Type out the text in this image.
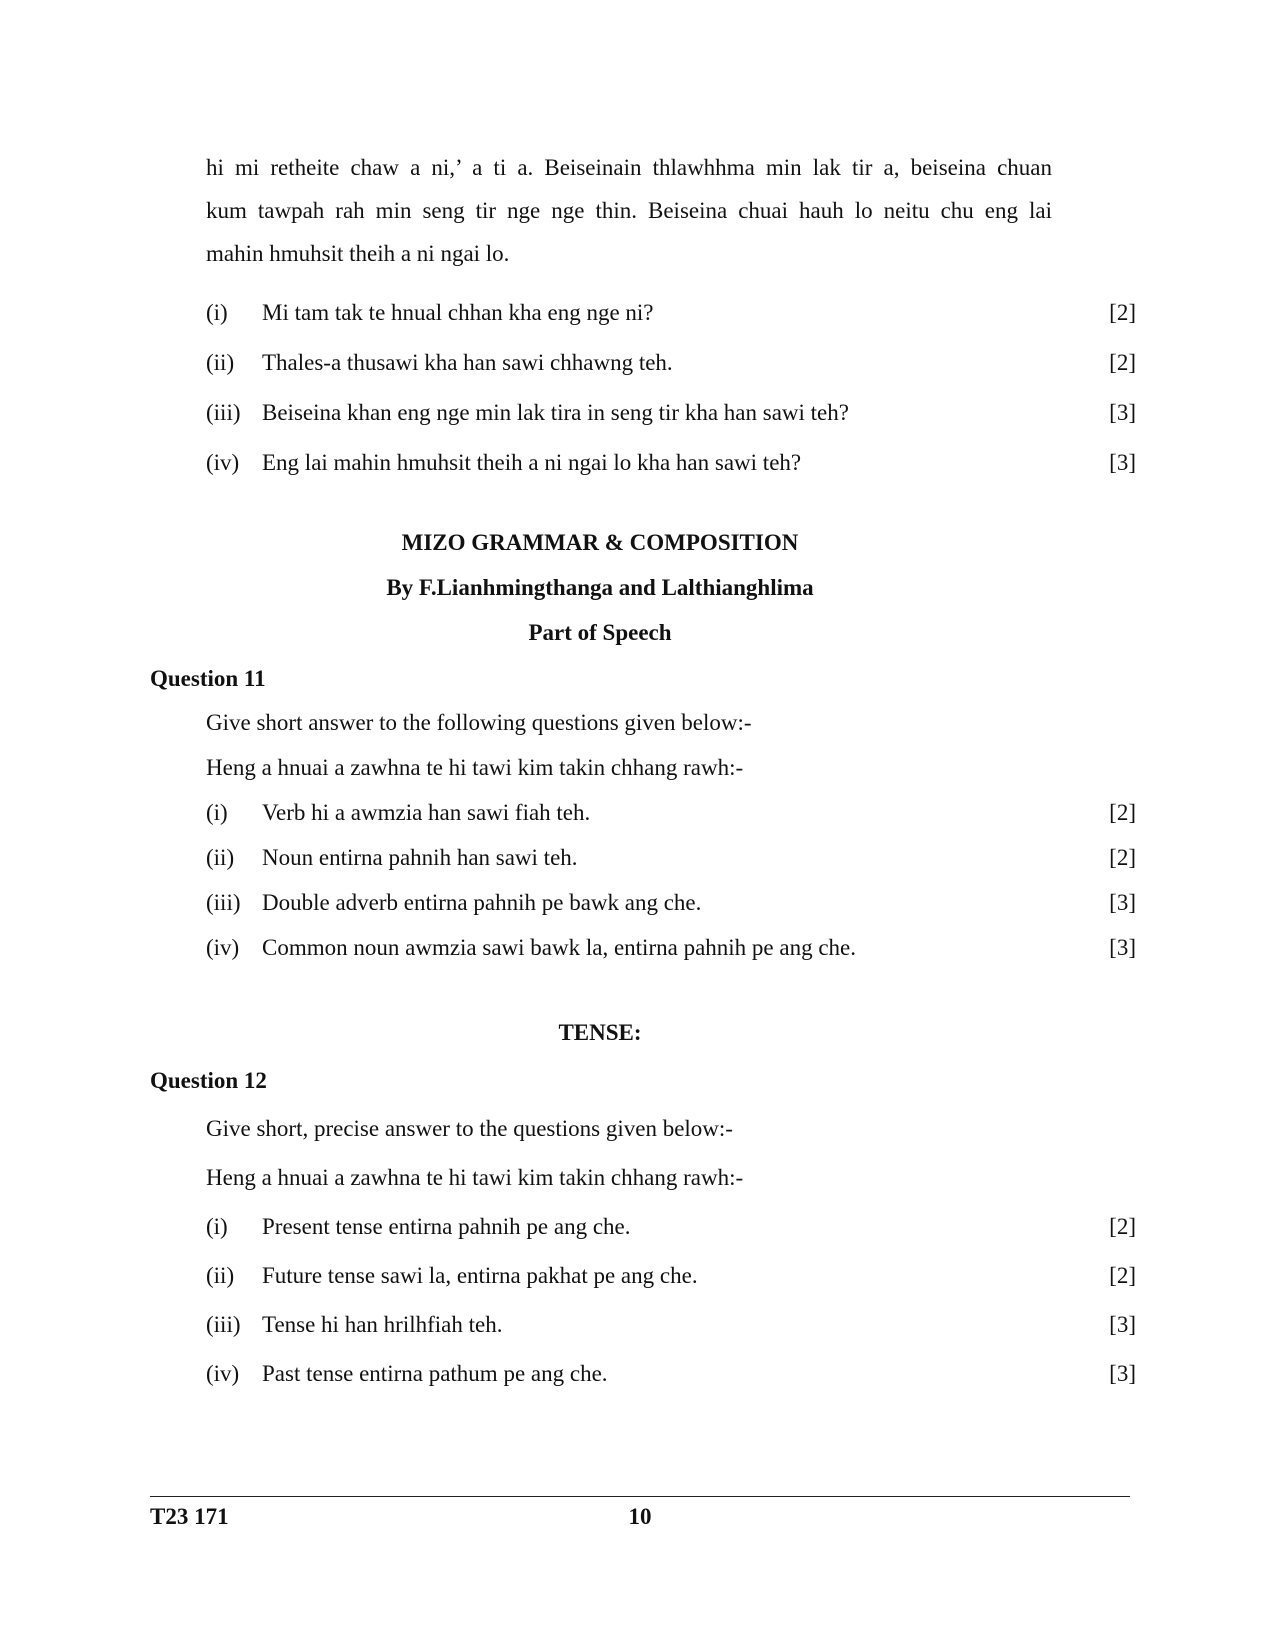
hi mi retheite chaw a ni,’ a ti a. Beiseinain thlawhhma min lak tir a, beiseina chuan
kum tawpah rah min seng tir nge nge thin. Beiseina chuai hauh lo neitu chu eng lai
mahin hmuhsit theih a ni ngai lo.

(i) Mi tam tak te hnual chhan kha eng nge ni?	[2]
(ii) Thales-a thusawi kha han sawi chhawng teh.	[2]
(iii) Beiseina khan eng nge min lak tira in seng tir kha han sawi teh?	[3]
(iv) Eng lai mahin hmuhsit theih a ni ngai lo kha han sawi teh?	[3]
MIZO GRAMMAR & COMPOSITION
By F.Lianhmingthanga and Lalthianghlima
Part of Speech
Question 11
Give short answer to the following questions given below:-
Heng a hnuai a zawhna te hi tawi kim takin chhang rawh:-
(i) Verb hi a awmzia han sawi fiah teh.	[2]
(ii) Noun entirna pahnih han sawi teh.	[2]
(iii) Double adverb entirna pahnih pe bawk ang che.	[3]
(iv) Common noun awmzia sawi bawk la, entirna pahnih pe ang che.	[3]
TENSE:
Question 12
Give short, precise answer to the questions given below:-
Heng a hnuai a zawhna te hi tawi kim takin chhang rawh:-
(i) Present tense entirna pahnih pe ang che.	[2]
(ii) Future tense sawi la, entirna pakhat pe ang che.	[2]
(iii) Tense hi han hrilhfiah teh.	[3]
(iv) Past tense entirna pathum pe ang che.	[3]
T23 171	10
